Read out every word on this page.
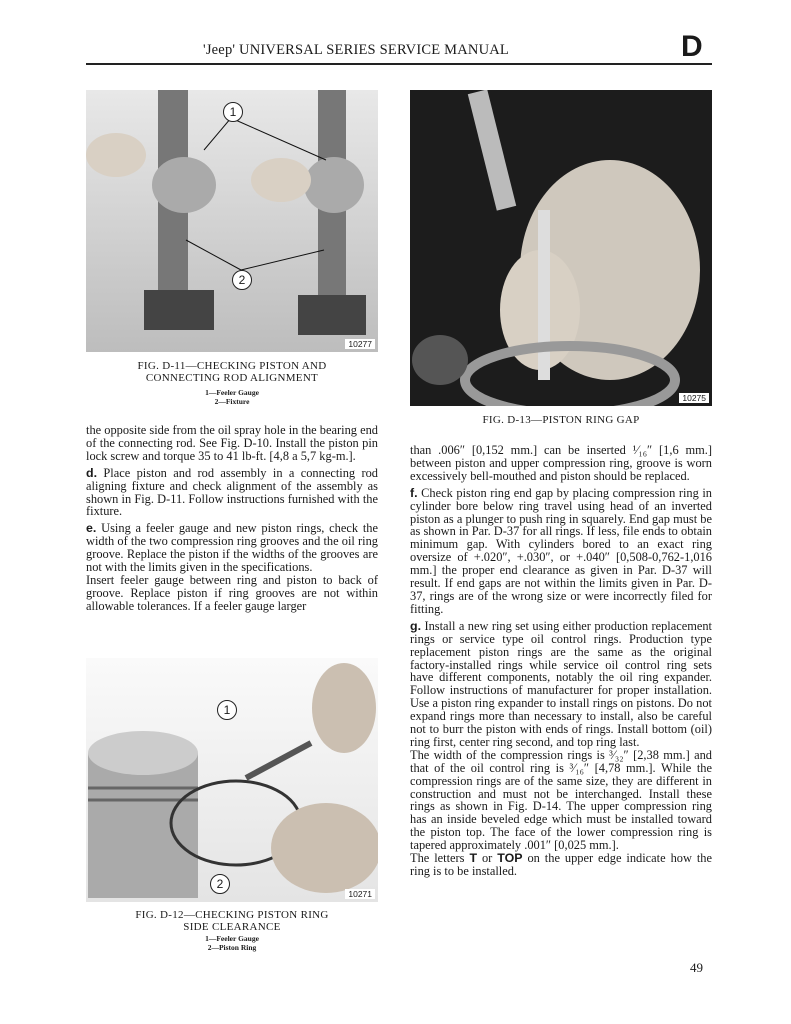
'Jeep' UNIVERSAL SERIES SERVICE MANUAL	D
1
2
10277
FIG. D-11—CHECKING PISTON AND
CONNECTING ROD ALIGNMENT
1—Feeler Gauge
2—Fixture	10275
FIG. D-13—PISTON RING GAP
1
2
10271
FIG. D-12—CHECKING PISTON RING
SIDE CLEARANCE
1—Feeler Gauge
2—Piston Ring

the opposite side from the oil spray hole in the bearing end of the connecting rod. See Fig. D-10. Install the piston pin lock screw and torque 35 to 41 lb-ft. [4,8 a 5,7 kg-m.].

d. Place piston and rod assembly in a connecting rod aligning fixture and check alignment of the assembly as shown in Fig. D-11. Follow instructions furnished with the fixture.

e. Using a feeler gauge and new piston rings, check the width of the two compression ring grooves and the oil ring groove. Replace the piston if the widths of the grooves are not with the limits given in the specifications.

Insert feeler gauge between ring and piston to back of groove. Replace piston if ring grooves are not within allowable tolerances. If a feeler gauge larger

than .006″ [0,152 mm.] can be inserted ¹⁄₁₆″ [1,6 mm.] between piston and upper compression ring, groove is worn excessively bell-mouthed and piston should be replaced.

f. Check piston ring end gap by placing compression ring in cylinder bore below ring travel using head of an inverted piston as a plunger to push ring in squarely. End gap must be as shown in Par. D-37 for all rings. If less, file ends to obtain minimum gap. With cylinders bored to an exact ring oversize of +.020″, +.030″, or +.040″ [0,508-0,762-1,016 mm.] the proper end clearance as given in Par. D-37 will result. If end gaps are not within the limits given in Par. D-37, rings are of the wrong size or were incorrectly filed for fitting.

g. Install a new ring set using either production replacement rings or service type oil control rings. Production type replacement piston rings are the same as the original factory-installed rings while service oil control ring sets have different components, notably the oil ring expander. Follow instructions of manufacturer for proper installation. Use a piston ring expander to install rings on pistons. Do not expand rings more than necessary to install, also be careful not to burr the piston with ends of rings. Install bottom (oil) ring first, center ring second, and top ring last.

The width of the compression rings is ³⁄₃₂″ [2,38 mm.] and that of the oil control ring is ³⁄₁₆″ [4,78 mm.]. While the compression rings are of the same size, they are different in construction and must not be interchanged. Install these rings as shown in Fig. D-14. The upper compression ring has an inside beveled edge which must be installed toward the piston top. The face of the lower compression ring is tapered approximately .001″ [0,025 mm.].

The letters T or TOP on the upper edge indicate how the ring is to be installed.

49
